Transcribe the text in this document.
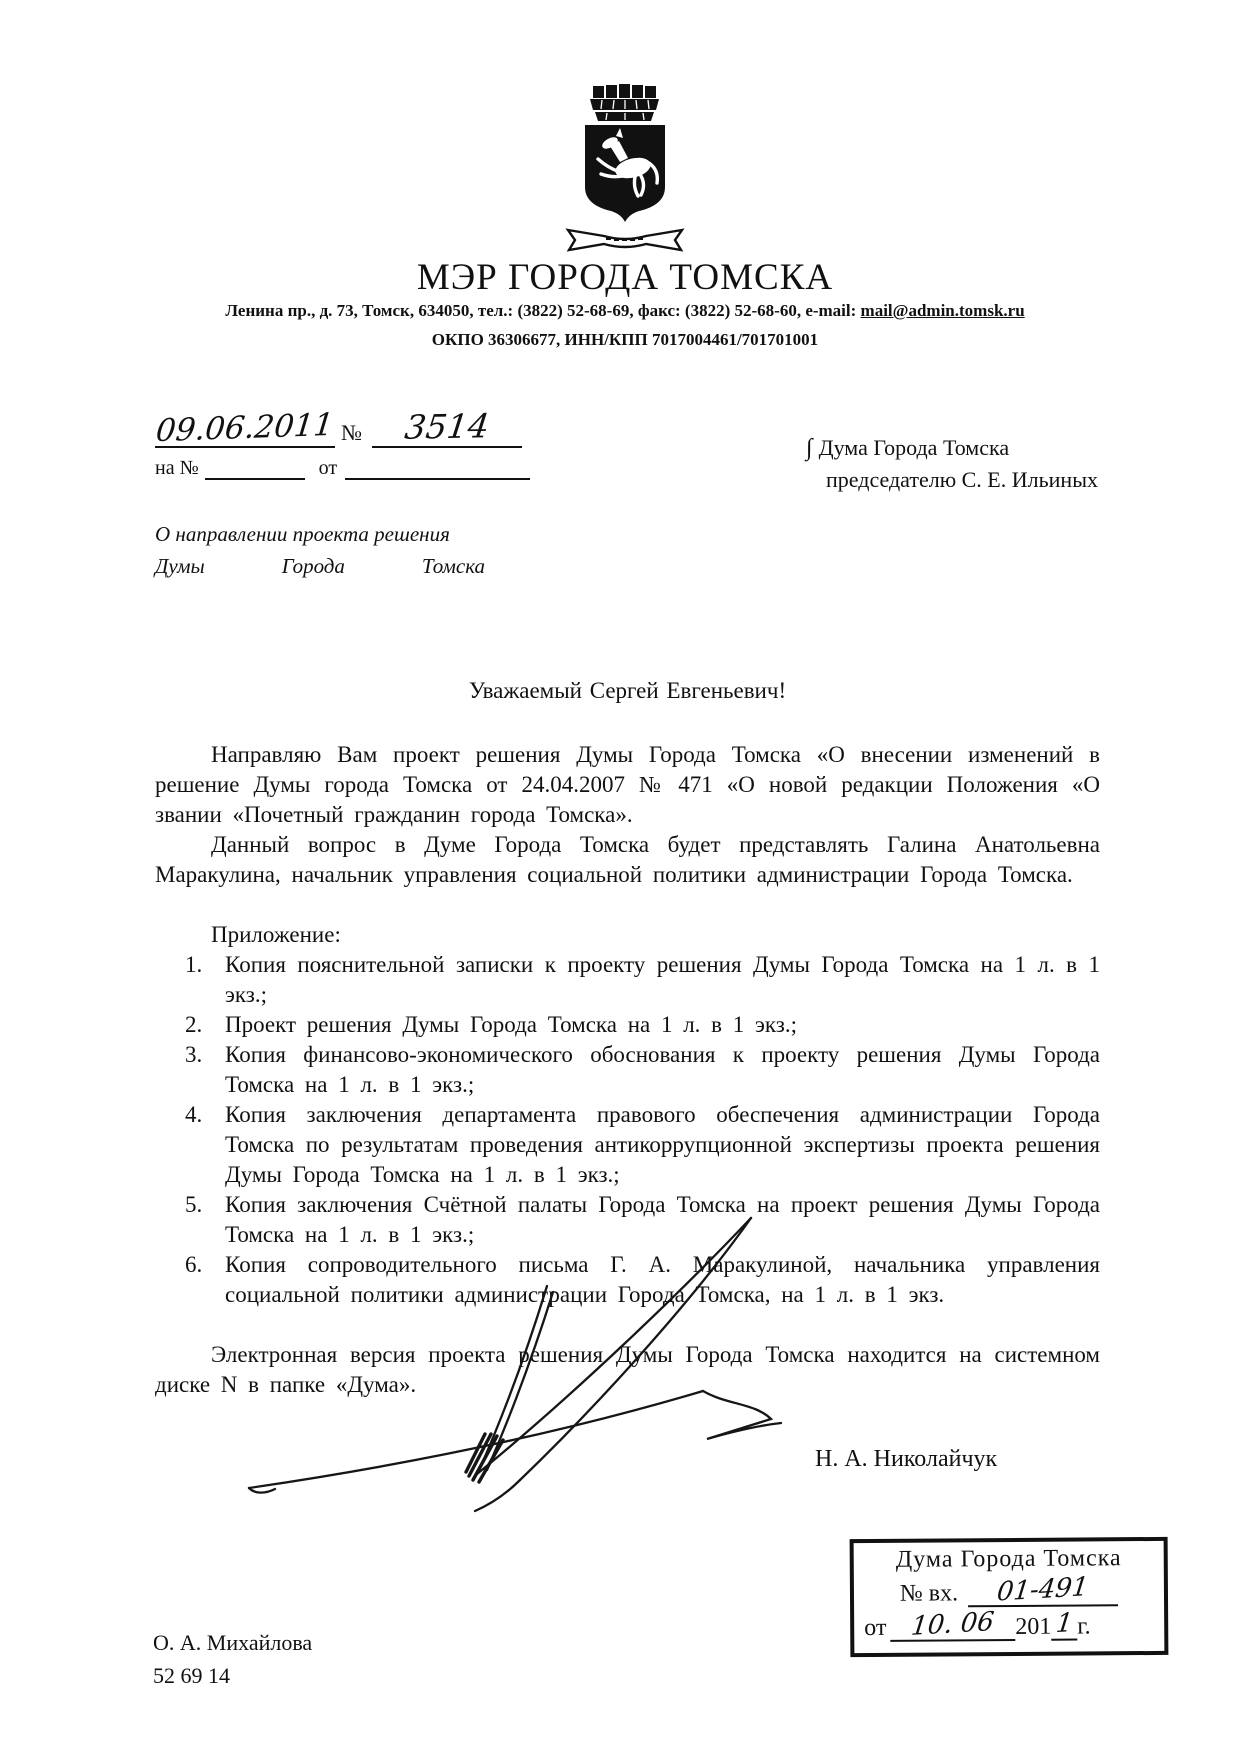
МЭР ГОРОДА ТОМСКА
Ленина пр., д. 73, Томск, 634050, тел.: (3822) 52-68-69, факс: (3822) 52-68-60, e-mail: mail@admin.tomsk.ru
ОКПО 36306677, ИНН/КПП 7017004461/701701001
09.06.2011 №	3514
на №	от
∫ Дума Города Томска
председателю С. Е. Ильиных
О направлении проекта решения
Думы Города Томска
Уважаемый Сергей Евгеньевич!

Направляю Вам проект решения Думы Города Томска «О внесении изменений в решение Думы города Томска от 24.04.2007 № 471 «О новой редакции Положения «О звании «Почетный гражданин города Томска».

Данный вопрос в Думе Города Томска будет представлять Галина Анатольевна Маракулина, начальник управления социальной политики администрации Города Томска.

Приложение:
Копия пояснительной записки к проекту решения Думы Города Томска на 1 л. в 1 экз.;
Проект решения Думы Города Томска на 1 л. в 1 экз.;
Копия финансово-экономического обоснования к проекту решения Думы Города Томска на 1 л. в 1 экз.;
Копия заключения департамента правового обеспечения администрации Города Томска по результатам проведения антикоррупционной экспертизы проекта решения Думы Города Томска на 1 л. в 1 экз.;
Копия заключения Счётной палаты Города Томска на проект решения Думы Города Томска на 1 л. в 1 экз.;
Копия сопроводительного письма Г. А. Маракулиной, начальника управления социальной политики администрации Города Томска, на 1 л. в 1 экз.

Электронная версия проекта решения Думы Города Томска находится на системном диске N в папке «Дума».

Н. А. Николайчук
Дума Города Томска
№ вх.	01-491
от 10. 06 201 1 г.
О. А. Михайлова
52 69 14
